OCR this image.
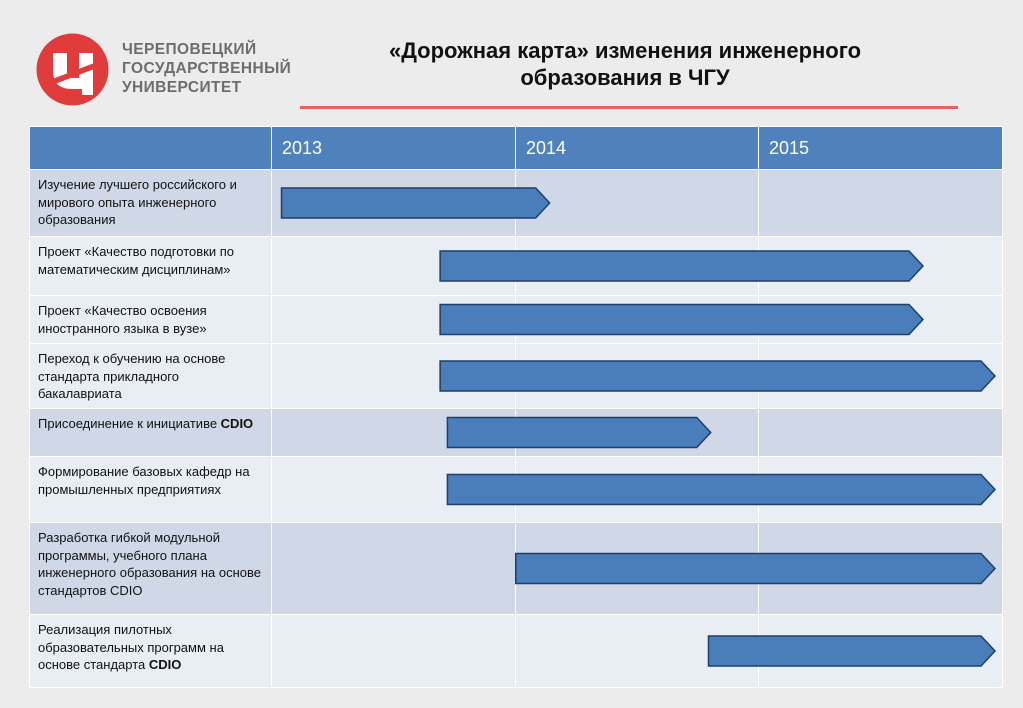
ЧЕРЕПОВЕЦКИЙ
ГОСУДАРСТВЕННЫЙ
УНИВЕРСИТЕТ
«Дорожная карта» изменения инженерного
образования в ЧГУ
	2013	2014	2015
Изучение лучшего российского и мирового опыта инженерного образования			
Проект «Качество подготовки по математическим дисциплинам»			
Проект «Качество освоения иностранного языка в вузе»			
Переход к обучению на основе стандарта прикладного бакалавриата			
Присоединение к инициативе CDIO			
Формирование базовых кафедр на промышленных предприятиях			
Разработка гибкой модульной программы, учебного плана инженерного образования на основе стандартов CDIO			
Реализация пилотных образовательных программ на основе стандарта CDIO			
